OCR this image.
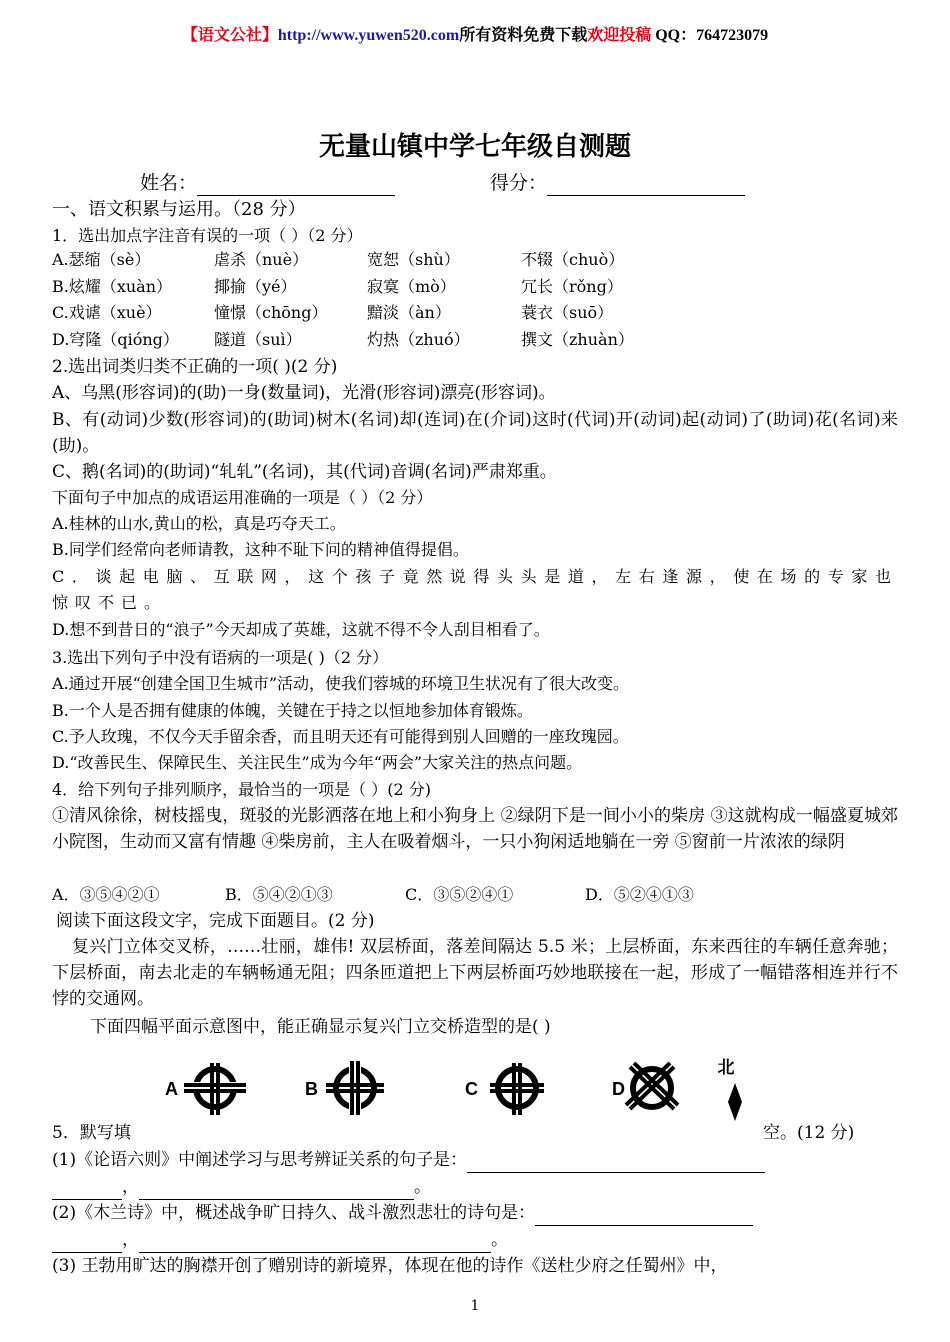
【语文公社】http://www.yuwen520.com所有资料免费下载欢迎投稿 QQ：764723079
无量山镇中学七年级自测题
姓名：	得分：
一、语文积累与运用。（28 分）
1．选出加点字注音有误的一项（ ）（2 分）
A.瑟缩（sè）	虐杀（nuè）	宽恕（shù）	不辍（chuò）
B.炫耀（xuàn）	揶揄（yé）	寂寞（mò）	冗长（rǒng）
C.戏谑（xuè）	憧憬（chōng） 黯淡（àn）	蓑衣（suō）
D.穹隆（qióng） 隧道（suì）	灼热（zhuó）	撰文（zhuàn）
2.选出词类归类不正确的一项( )(2 分)
A、乌黑(形容词)的(助)一身(数量词)，光滑(形容词)漂亮(形容词)。
B、有(动词)少数(形容词)的(助词)树木(名词)却(连词)在(介词)这时(代词)开(动词)起(动词)了(助词)花(名词)来(助)。
C、鹅(名词)的(助词)“轧轧”(名词)，其(代词)音调(名词)严肃郑重。
下面句子中加点的成语运用准确的一项是（ ）（2 分）
A.桂林的山水,黄山的松，真是巧夺天工。
B.同学们经常向老师请教，这种不耻下问的精神值得提倡。
C．谈起电脑、互联网，这个孩子竟然说得头头是道，左右逢源，使在场的专家也惊叹不已。
D.想不到昔日的“浪子”今天却成了英雄，这就不得不令人刮目相看了。
3.选出下列句子中没有语病的一项是( )（2 分）
A.通过开展“创建全国卫生城市”活动，使我们蓉城的环境卫生状况有了很大改变。
B.一个人是否拥有健康的体魄，关键在于持之以恒地参加体育锻炼。
C.予人玫瑰，不仅今天手留余香，而且明天还有可能得到别人回赠的一座玫瑰园。
D.“改善民生、保障民生、关注民生”成为今年“两会”大家关注的热点问题。
4．给下列句子排列顺序，最恰当的一项是（ ）(2 分)
①清风徐徐，树枝摇曳，斑驳的光影洒落在地上和小狗身上 ②绿阴下是一间小小的柴房 ③这就构成一幅盛夏城郊小院图，生动而又富有情趣 ④柴房前，主人在吸着烟斗，一只小狗闲适地躺在一旁 ⑤窗前一片浓浓的绿阴
A．③⑤④②①	B．⑤④②①③	C．③⑤②④①	D．⑤②④①③
阅读下面这段文字，完成下面题目。(2 分)
复兴门立体交叉桥，……壮丽，雄伟! 双层桥面，落差间隔达 5.5 米；上层桥面，东来西往的车辆任意奔驰；下层桥面，南去北走的车辆畅通无阻；四条匝道把上下两层桥面巧妙地联接在一起，形成了一幅错落相连并行不悖的交通网。
下面四幅平面示意图中，能正确显示复兴门立交桥造型的是( )
A	B	C	D
北
5．默写填	空。(12 分)
(1)《论语六则》中阐述学习与思考辨证关系的句子是：
，	。
(2)《木兰诗》中，概述战争旷日持久、战斗激烈悲壮的诗句是：
，	。
(3) 王勃用旷达的胸襟开创了赠别诗的新境界，体现在他的诗作《送杜少府之任蜀州》中，
1
